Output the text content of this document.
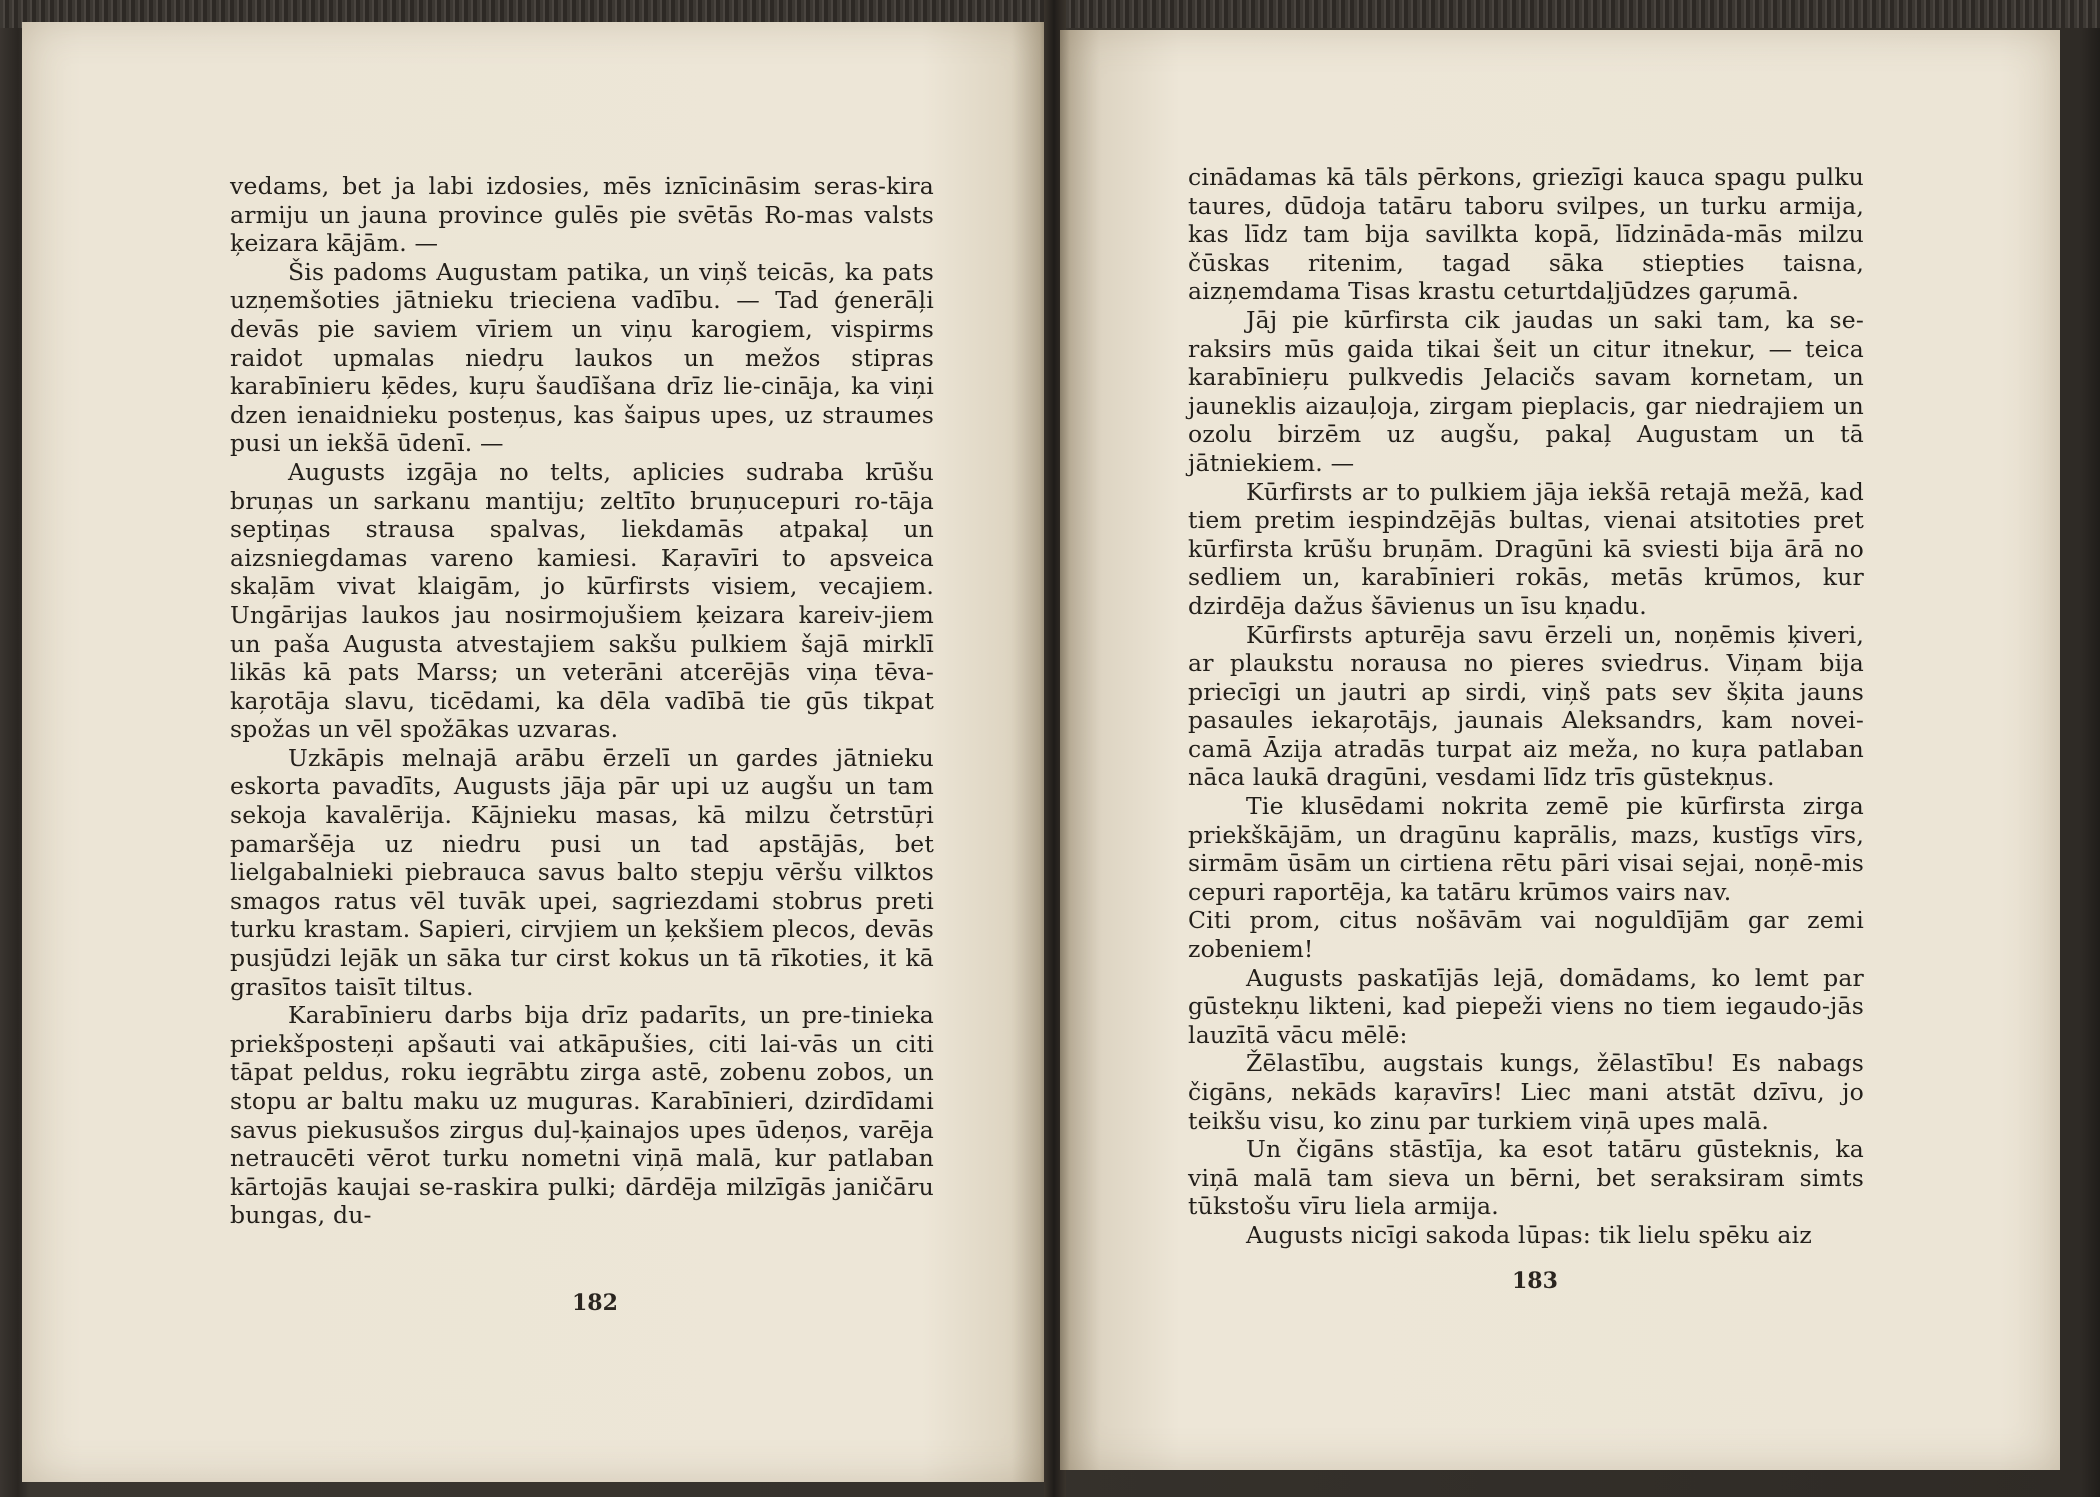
vedams, bet ja labi izdosies, mēs iznīcināsim seras-kira armiju un jauna province gulēs pie svētās Ro-mas valsts ķeizara kājām. —

Šis padoms Augustam patika, un viņš teicās, ka pats uzņemšoties jātnieku trieciena vadību. — Tad ģenerāļi devās pie saviem vīriem un viņu karogiem, vispirms raidot upmalas niedŗu laukos un mežos stipras karabīnieru ķēdes, kuŗu šaudīšana drīz lie-cināja, ka viņi dzen ienaidnieku posteņus, kas šaipus upes, uz straumes pusi un iekšā ūdenī. —

Augusts izgāja no telts, aplicies sudraba krūšu bruņas un sarkanu mantiju; zeltīto bruņucepuri ro-tāja septiņas strausa spalvas, liekdamās atpakaļ un aizsniegdamas vareno kamiesi. Kaŗavīri to apsveica skaļām vivat klaigām, jo kūrfirsts visiem, vecajiem. Ungārijas laukos jau nosirmojušiem ķeizara kareiv-jiem un paša Augusta atvestajiem sakšu pulkiem šajā mirklī likās kā pats Marss; un veterāni atcerējās viņa tēva-kaŗotāja slavu, ticēdami, ka dēla vadībā tie gūs tikpat spožas un vēl spožākas uzvaras.

Uzkāpis melnajā arābu ērzelī un gardes jātnieku eskorta pavadīts, Augusts jāja pār upi uz augšu un tam sekoja kavalērija. Kājnieku masas, kā milzu četrstūŗi pamaršēja uz niedru pusi un tad apstājās, bet lielgabalnieki piebrauca savus balto stepju vēršu vilktos smagos ratus vēl tuvāk upei, sagriezdami stobrus preti turku krastam. Sapieri, cirvjiem un ķekšiem plecos, devās pusjūdzi lejāk un sāka tur cirst kokus un tā rīkoties, it kā grasītos taisīt tiltus.

Karabīnieru darbs bija drīz padarīts, un pre-tinieka priekšposteņi apšauti vai atkāpušies, citi lai-vās un citi tāpat peldus, roku iegrābtu zirga astē, zobenu zobos, un stopu ar baltu maku uz muguras. Karabīnieri, dzirdīdami savus piekusušos zirgus duļ-ķainajos upes ūdeņos, varēja netraucēti vērot turku nometni viņā malā, kur patlaban kārtojās kaujai se-raskira pulki; dārdēja milzīgās janičāru bungas, du-

182

cinādamas kā tāls pērkons, griezīgi kauca spagu pulku taures, dūdoja tatāru taboru svilpes, un turku armija, kas līdz tam bija savilkta kopā, līdzināda-mās milzu čūskas ritenim, tagad sāka stiepties taisna, aizņemdama Tisas krastu ceturtdaļjūdzes gaŗumā.

Jāj pie kūrfirsta cik jaudas un saki tam, ka se-raksirs mūs gaida tikai šeit un citur itnekur, — teica karabīnieŗu pulkvedis Jelacičs savam kornetam, un jauneklis aizauļoja, zirgam pieplacis, gar niedrajiem un ozolu birzēm uz augšu, pakaļ Augustam un tā jātniekiem. —

Kūrfirsts ar to pulkiem jāja iekšā retajā mežā, kad tiem pretim iespindzējās bultas, vienai atsitoties pret kūrfirsta krūšu bruņām. Dragūni kā sviesti bija ārā no sedliem un, karabīnieri rokās, metās krūmos, kur dzirdēja dažus šāvienus un īsu kņadu.

Kūrfirsts apturēja savu ērzeli un, noņēmis ķiveri, ar plaukstu norausa no pieres sviedrus. Viņam bija priecīgi un jautri ap sirdi, viņš pats sev šķita jauns pasaules iekaŗotājs, jaunais Aleksandrs, kam novei-camā Āzija atradās turpat aiz meža, no kuŗa patlaban nāca laukā dragūni, vesdami līdz trīs gūstekņus.

Tie klusēdami nokrita zemē pie kūrfirsta zirga priekškājām, un dragūnu kaprālis, mazs, kustīgs vīrs, sirmām ūsām un cirtiena rētu pāri visai sejai, noņē-mis cepuri raportēja, ka tatāru krūmos vairs nav.

Citi prom, citus nošāvām vai noguldījām gar zemi zobeniem!

Augusts paskatījās lejā, domādams, ko lemt par gūstekņu likteni, kad piepeži viens no tiem iegaudo-jās lauzītā vācu mēlē:

Žēlastību, augstais kungs, žēlastību! Es nabags čigāns, nekāds kaŗavīrs! Liec mani atstāt dzīvu, jo teikšu visu, ko zinu par turkiem viņā upes malā.

Un čigāns stāstīja, ka esot tatāru gūsteknis, ka viņā malā tam sieva un bērni, bet seraksiram simts tūkstošu vīru liela armija.

Augusts nicīgi sakoda lūpas: tik lielu spēku aiz

183
